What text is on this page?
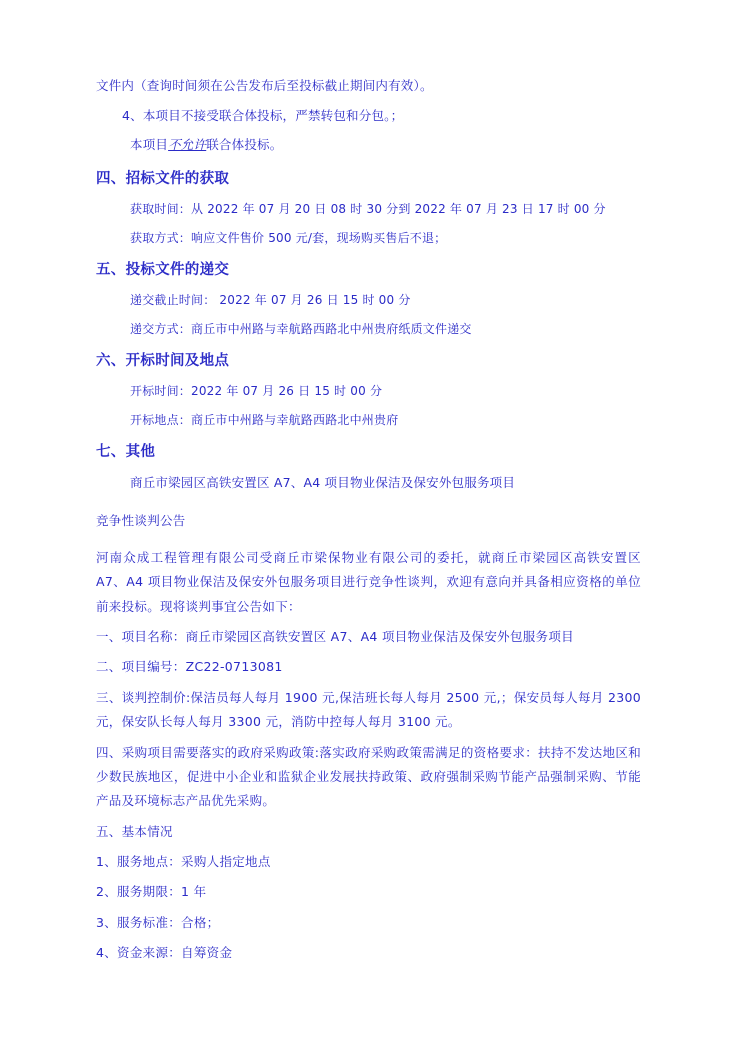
文件内（查询时间须在公告发布后至投标截止期间内有效）。

4、本项目不接受联合体投标，严禁转包和分包。；

本项目不允许联合体投标。

四、招标文件的获取

获取时间：从 2022 年 07 月 20 日 08 时 30 分到 2022 年 07 月 23 日 17 时 00 分

获取方式：响应文件售价 500 元/套，现场购买售后不退；

五、投标文件的递交

递交截止时间： 2022 年 07 月 26 日 15 时 00 分

递交方式：商丘市中州路与幸航路西路北中州贵府纸质文件递交

六、开标时间及地点

开标时间：2022 年 07 月 26 日 15 时 00 分

开标地点：商丘市中州路与幸航路西路北中州贵府

七、其他

商丘市梁园区高铁安置区 A7、A4 项目物业保洁及保安外包服务项目

竞争性谈判公告

河南众成工程管理有限公司受商丘市梁保物业有限公司的委托，就商丘市梁园区高铁安置区 A7、A4 项目物业保洁及保安外包服务项目进行竞争性谈判，欢迎有意向并具备相应资格的单位前来投标。现将谈判事宜公告如下：

一、项目名称：商丘市梁园区高铁安置区 A7、A4 项目物业保洁及保安外包服务项目

二、项目编号：ZC22-0713081

三、谈判控制价:保洁员每人每月 1900 元,保洁班长每人每月 2500 元,；保安员每人每月 2300 元，保安队长每人每月 3300 元，消防中控每人每月 3100 元。

四、采购项目需要落实的政府采购政策:落实政府采购政策需满足的资格要求：扶持不发达地区和少数民族地区，促进中小企业和监狱企业发展扶持政策、政府强制采购节能产品强制采购、节能产品及环境标志产品优先采购。

五、基本情况

1、服务地点：采购人指定地点

2、服务期限：1 年

3、服务标准：合格；

4、资金来源：自筹资金
